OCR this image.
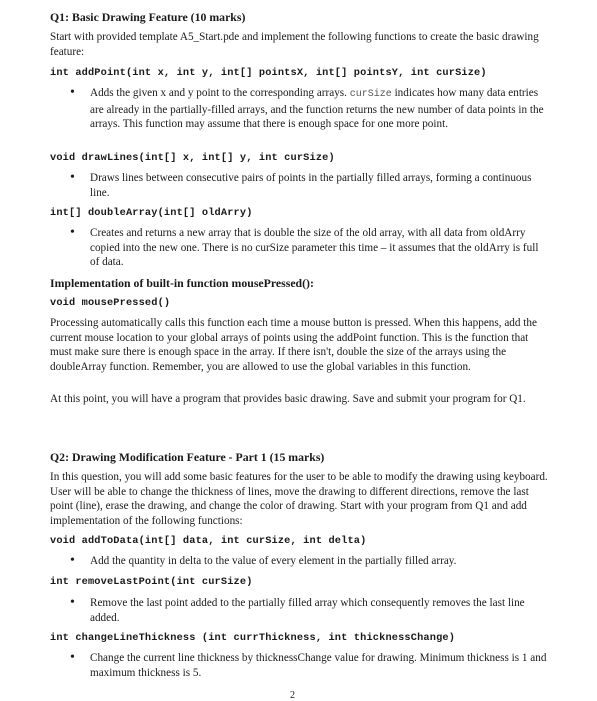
Q1: Basic Drawing Feature (10 marks)
Start with provided template A5_Start.pde and implement the following functions to create the basic drawing feature:
int addPoint(int x, int y, int[] pointsX, int[] pointsY, int curSize)
• Adds the given x and y point to the corresponding arrays. curSize indicates how many data entries are already in the partially-filled arrays, and the function returns the new number of data points in the arrays. This function may assume that there is enough space for one more point.
void drawLines(int[] x, int[] y, int curSize)
• Draws lines between consecutive pairs of points in the partially filled arrays, forming a continuous line.
int[] doubleArray(int[] oldArry)
• Creates and returns a new array that is double the size of the old array, with all data from oldArry copied into the new one. There is no curSize parameter this time – it assumes that the oldArry is full of data.
Implementation of built-in function mousePressed():
void mousePressed()
Processing automatically calls this function each time a mouse button is pressed. When this happens, add the current mouse location to your global arrays of points using the addPoint function. This is the function that must make sure there is enough space in the array. If there isn't, double the size of the arrays using the doubleArray function. Remember, you are allowed to use the global variables in this function.
At this point, you will have a program that provides basic drawing. Save and submit your program for Q1.
Q2: Drawing Modification Feature - Part 1 (15 marks)
In this question, you will add some basic features for the user to be able to modify the drawing using keyboard. User will be able to change the thickness of lines, move the drawing to different directions, remove the last point (line), erase the drawing, and change the color of drawing. Start with your program from Q1 and add implementation of the following functions:
void addToData(int[] data, int curSize, int delta)
• Add the quantity in delta to the value of every element in the partially filled array.
int removeLastPoint(int curSize)
• Remove the last point added to the partially filled array which consequently removes the last line added.
int changeLineThickness (int currThickness, int thicknessChange)
• Change the current line thickness by thicknessChange value for drawing. Minimum thickness is 1 and maximum thickness is 5.
2
